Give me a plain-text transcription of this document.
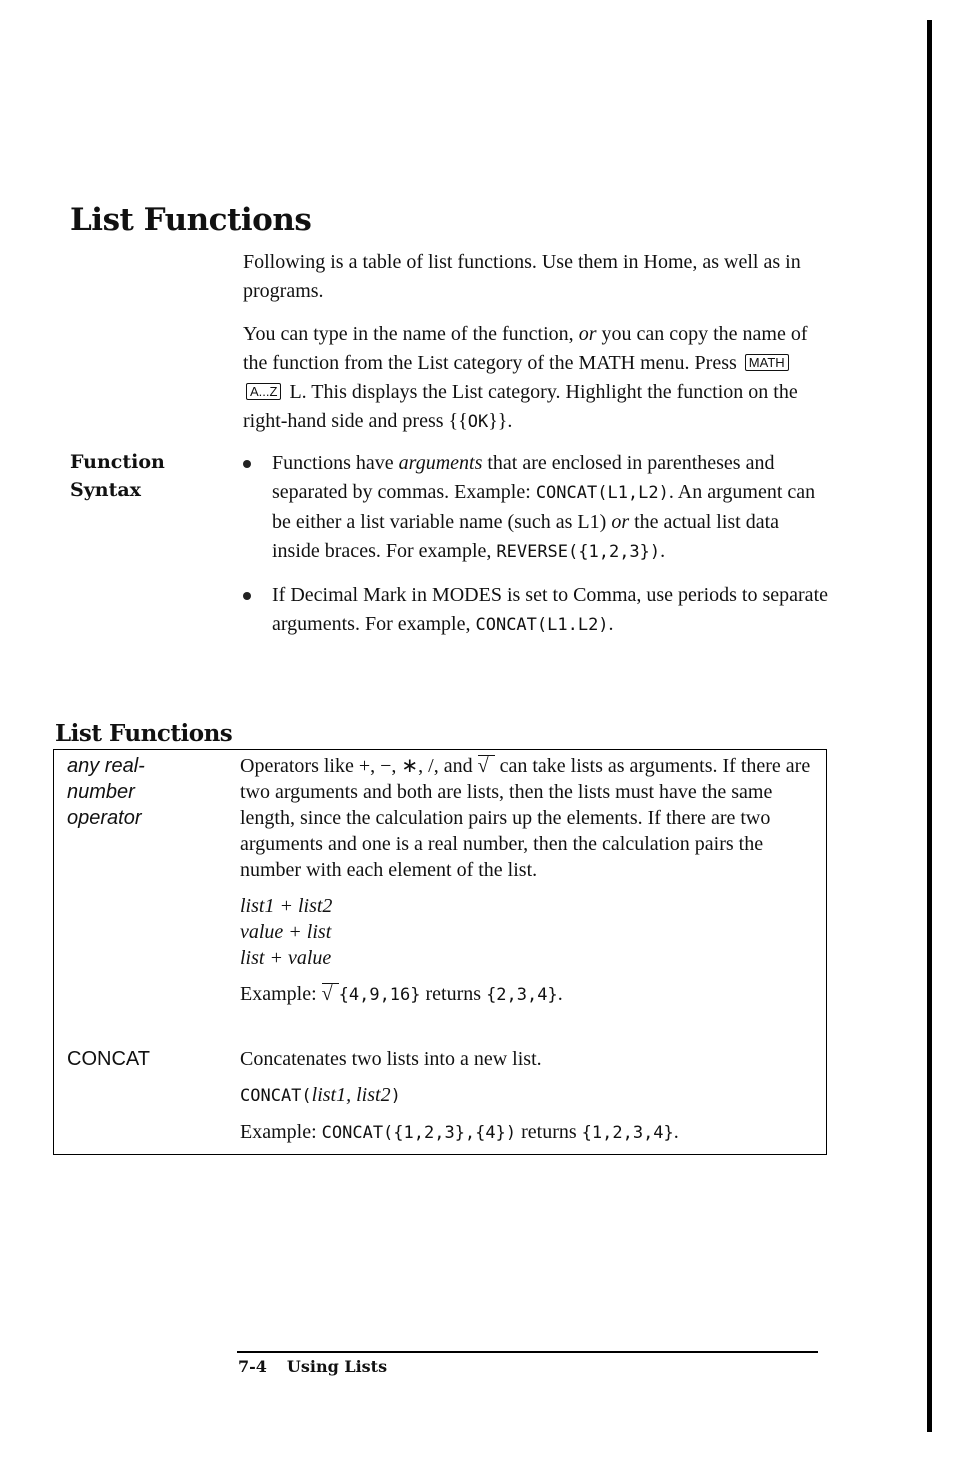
List Functions
Following is a table of list functions. Use them in Home, as well as in programs.
You can type in the name of the function, or you can copy the name of the function from the List category of the MATH menu. Press MATHA...Z L. This displays the List category. Highlight the function on the right-hand side and press {{OK}}.
Function
Syntax
Functions have arguments that are enclosed in parentheses and separated by commas. Example: CONCAT(L1,L2). An argument can be either a list variable name (such as L1) or the actual list data inside braces. For example, REVERSE({1,2,3}).
If Decimal Mark in MODES is set to Comma, use periods to separate arguments. For example, CONCAT(L1.L2).
List Functions
any real-
number
operator

Operators like +, −, ∗, /, and √ can take lists as arguments. If there are two arguments and both are lists, then the lists must have the same length, since the calculation pairs up the elements. If there are two arguments and one is a real number, then the calculation pairs the number with each element of the list.

list1 + list2
value + list
list + value
Example: √ {4,9,16} returns {2,3,4}.
CONCAT	Concatenates two lists into a new list.

CONCAT(list1, list2)
Example: CONCAT({1,2,3},{4}) returns {1,2,3,4}.
7-4 Using Lists
